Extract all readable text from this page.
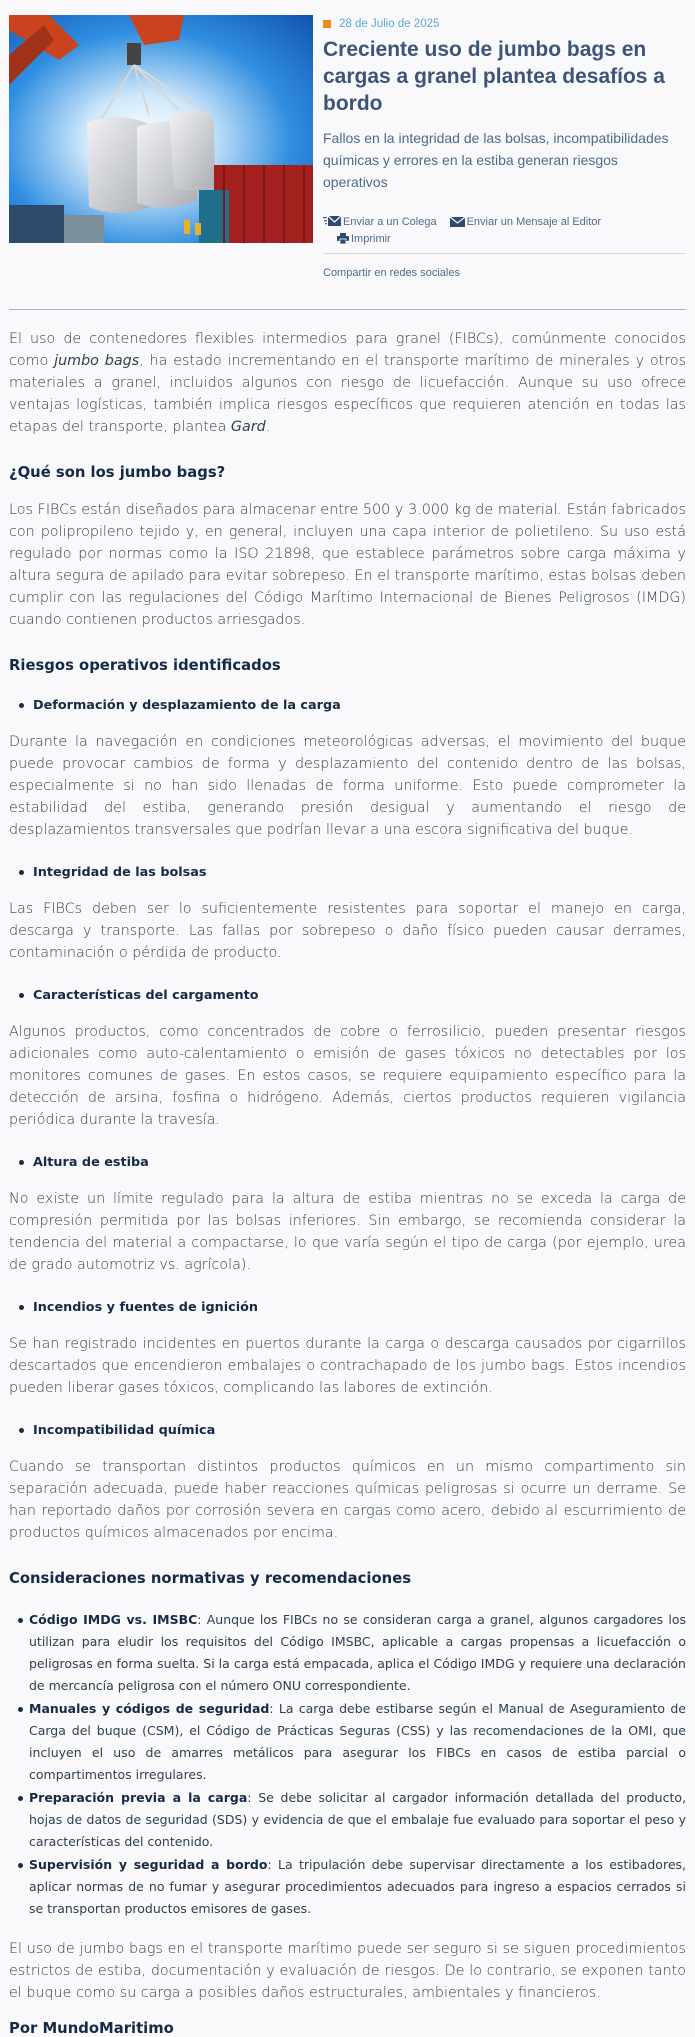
28 de Julio de 2025
Creciente uso de jumbo bags en cargas a granel plantea desafíos a bordo
Fallos en la integridad de las bolsas, incompatibilidades químicas y errores en la estiba generan riesgos operativos
Enviar a un Colega	Enviar un Mensaje al Editor
Imprimir
Compartir en redes sociales

El uso de contenedores flexibles intermedios para granel (FIBCs), comúnmente conocidos como jumbo bags, ha estado incrementando en el transporte marítimo de minerales y otros materiales a granel, incluidos algunos con riesgo de licuefacción. Aunque su uso ofrece ventajas logísticas, también implica riesgos específicos que requieren atención en todas las etapas del transporte, plantea Gard.

¿Qué son los jumbo bags?

Los FIBCs están diseñados para almacenar entre 500 y 3.000 kg de material. Están fabricados con polipropileno tejido y, en general, incluyen una capa interior de polietileno. Su uso está regulado por normas como la ISO 21898, que establece parámetros sobre carga máxima y altura segura de apilado para evitar sobrepeso. En el transporte marítimo, estas bolsas deben cumplir con las regulaciones del Código Marítimo Internacional de Bienes Peligrosos (IMDG) cuando contienen productos arriesgados.

Riesgos operativos identificados
Deformación y desplazamiento de la carga

Durante la navegación en condiciones meteorológicas adversas, el movimiento del buque puede provocar cambios de forma y desplazamiento del contenido dentro de las bolsas, especialmente si no han sido llenadas de forma uniforme. Esto puede comprometer la estabilidad del estiba, generando presión desigual y aumentando el riesgo de desplazamientos transversales que podrían llevar a una escora significativa del buque.

Integridad de las bolsas

Las FIBCs deben ser lo suficientemente resistentes para soportar el manejo en carga, descarga y transporte. Las fallas por sobrepeso o daño físico pueden causar derrames, contaminación o pérdida de producto.

Características del cargamento

Algunos productos, como concentrados de cobre o ferrosilicio, pueden presentar riesgos adicionales como auto-calentamiento o emisión de gases tóxicos no detectables por los monitores comunes de gases. En estos casos, se requiere equipamiento específico para la detección de arsina, fosfina o hidrógeno. Además, ciertos productos requieren vigilancia periódica durante la travesía.

Altura de estiba

No existe un límite regulado para la altura de estiba mientras no se exceda la carga de compresión permitida por las bolsas inferiores. Sin embargo, se recomienda considerar la tendencia del material a compactarse, lo que varía según el tipo de carga (por ejemplo, urea de grado automotriz vs. agrícola).

Incendios y fuentes de ignición

Se han registrado incidentes en puertos durante la carga o descarga causados por cigarrillos descartados que encendieron embalajes o contrachapado de los jumbo bags. Estos incendios pueden liberar gases tóxicos, complicando las labores de extinción.

Incompatibilidad química

Cuando se transportan distintos productos químicos en un mismo compartimento sin separación adecuada, puede haber reacciones químicas peligrosas si ocurre un derrame. Se han reportado daños por corrosión severa en cargas como acero, debido al escurrimiento de productos químicos almacenados por encima.

Consideraciones normativas y recomendaciones
Código IMDG vs. IMSBC: Aunque los FIBCs no se consideran carga a granel, algunos cargadores los utilizan para eludir los requisitos del Código IMSBC, aplicable a cargas propensas a licuefacción o peligrosas en forma suelta. Si la carga está empacada, aplica el Código IMDG y requiere una declaración de mercancía peligrosa con el número ONU correspondiente.
Manuales y códigos de seguridad: La carga debe estibarse según el Manual de Aseguramiento de Carga del buque (CSM), el Código de Prácticas Seguras (CSS) y las recomendaciones de la OMI, que incluyen el uso de amarres metálicos para asegurar los FIBCs en casos de estiba parcial o compartimentos irregulares.
Preparación previa a la carga: Se debe solicitar al cargador información detallada del producto, hojas de datos de seguridad (SDS) y evidencia de que el embalaje fue evaluado para soportar el peso y características del contenido.
Supervisión y seguridad a bordo: La tripulación debe supervisar directamente a los estibadores, aplicar normas de no fumar y asegurar procedimientos adecuados para ingreso a espacios cerrados si se transportan productos emisores de gases.

El uso de jumbo bags en el transporte marítimo puede ser seguro si se siguen procedimientos estrictos de estiba, documentación y evaluación de riesgos. De lo contrario, se exponen tanto el buque como su carga a posibles daños estructurales, ambientales y financieros.

Por MundoMaritimo
